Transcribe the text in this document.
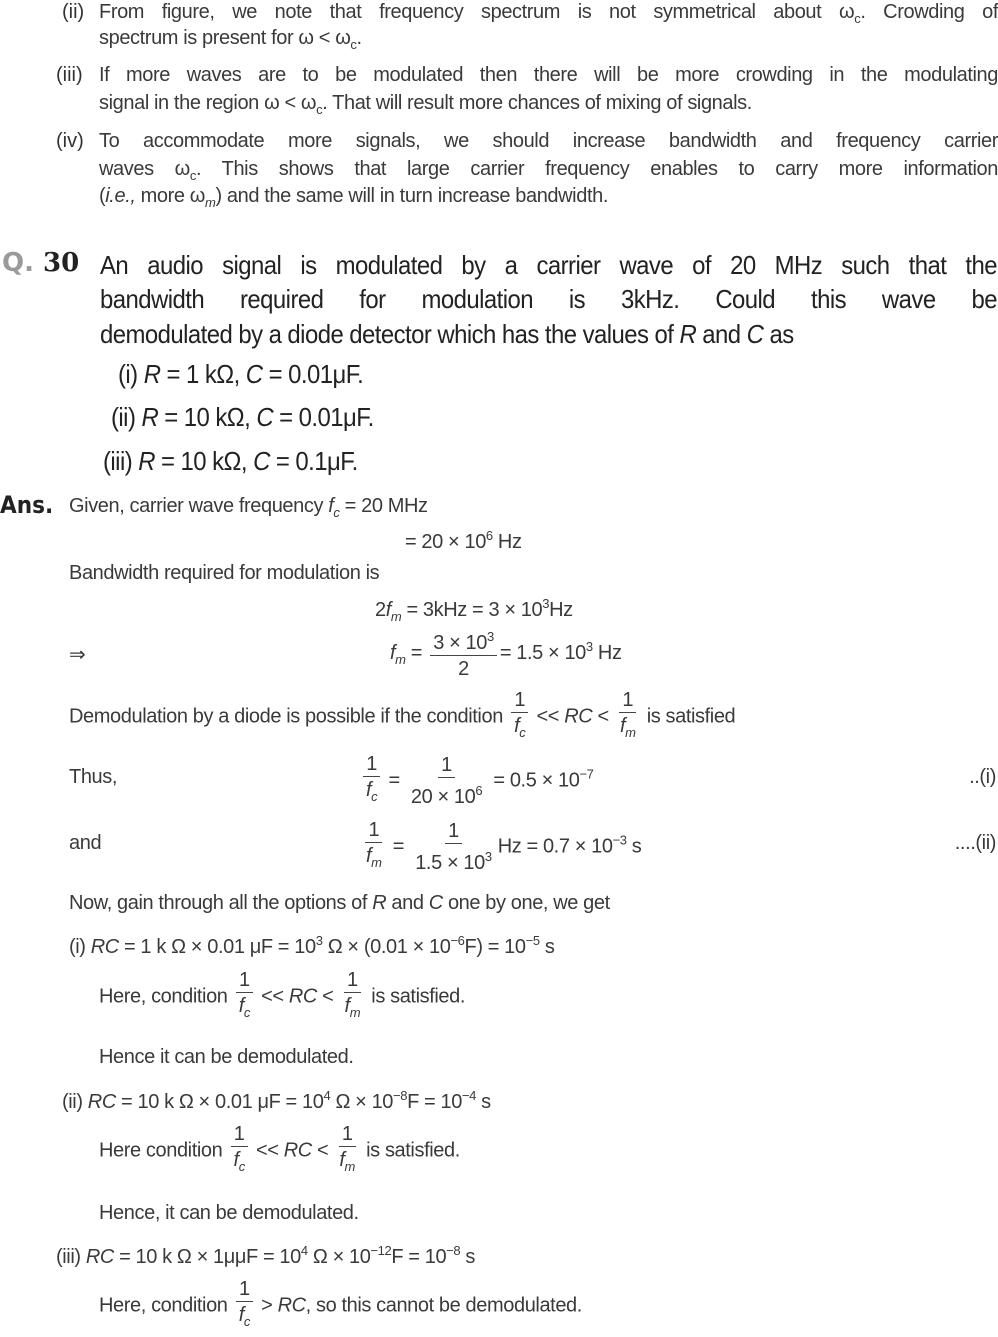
(ii) From figure, we note that frequency spectrum is not symmetrical about $\omega_c$. Crowding of
spectrum is present for $\omega < \omega_c$.
(iii) If more waves are to be modulated then there will be more crowding in the modulating
signal in the region $\omega < \omega_c$. That will result more chances of mixing of signals.
(iv) To accommodate more signals, we should increase bandwidth and frequency carrier
waves $\omega_c$. This shows that large carrier frequency enables to carry more information
(i.e., more $\omega_m$) and the same will in turn increase bandwidth.
Q. 30 An audio signal is modulated by a carrier wave of 20 MHz such that the
bandwidth required for modulation is 3kHz. Could this wave be
demodulated by a diode detector which has the values of R and C as
(i) R = 1 kΩ, C = 0.01μF.
(ii) R = 10 kΩ, C = 0.01μF.
(iii) R = 10 kΩ, C = 0.1μF.
Ans. Given, carrier wave frequency $f_c = 20$ MHz
= $20 \times 10^6$ Hz
Bandwidth required for modulation is
$2f_m = 3kHz = 3 \times 10^3Hz$
⇒	$f_m = \frac{3 \times 10^3}{2} = 1.5 \times 10^3$ Hz
Demodulation by a diode is possible if the condition $\frac{1}{f_c}$ << RC < $\frac{1}{f_m}$ is satisfied
Thus,	$\frac{1}{f_c} = \frac{1}{20 \times 10^6} = 0.5 \times 10^{-7}$	..(i)
and	$\frac{1}{f_m} = \frac{1}{1.5 \times 10^3}$ $Hz = 0.7 \times 10^{-3}$ s	....(ii)
Now, gain through all the options of R and C one by one, we get
(i) RC = 1 k Ω × 0.01 $\mu F = 10^3$ $\Omega \times (0.01 \times 10^{-6}F) = 10^{-5}$ s
Here, condition $\frac{1}{f_c}$ << RC < $\frac{1}{f_m}$ is satisfied.
Hence it can be demodulated.
(ii) RC = 10 k Ω × 0.01 $\mu F = 10^4$ $\Omega \times 10^{-8}F = 10^{-4}$ s
Here condition $\frac{1}{f_c}$ << RC < $\frac{1}{f_m}$ is satisfied.
Hence, it can be demodulated.
(iii) RC = 10 k $\Omega \times 1\mu\mu F = 10^4$ $\Omega \times 10^{-12}F = 10^{-8}$ s
Here, condition $\frac{1}{f_c}$ > RC, so this cannot be demodulated.
